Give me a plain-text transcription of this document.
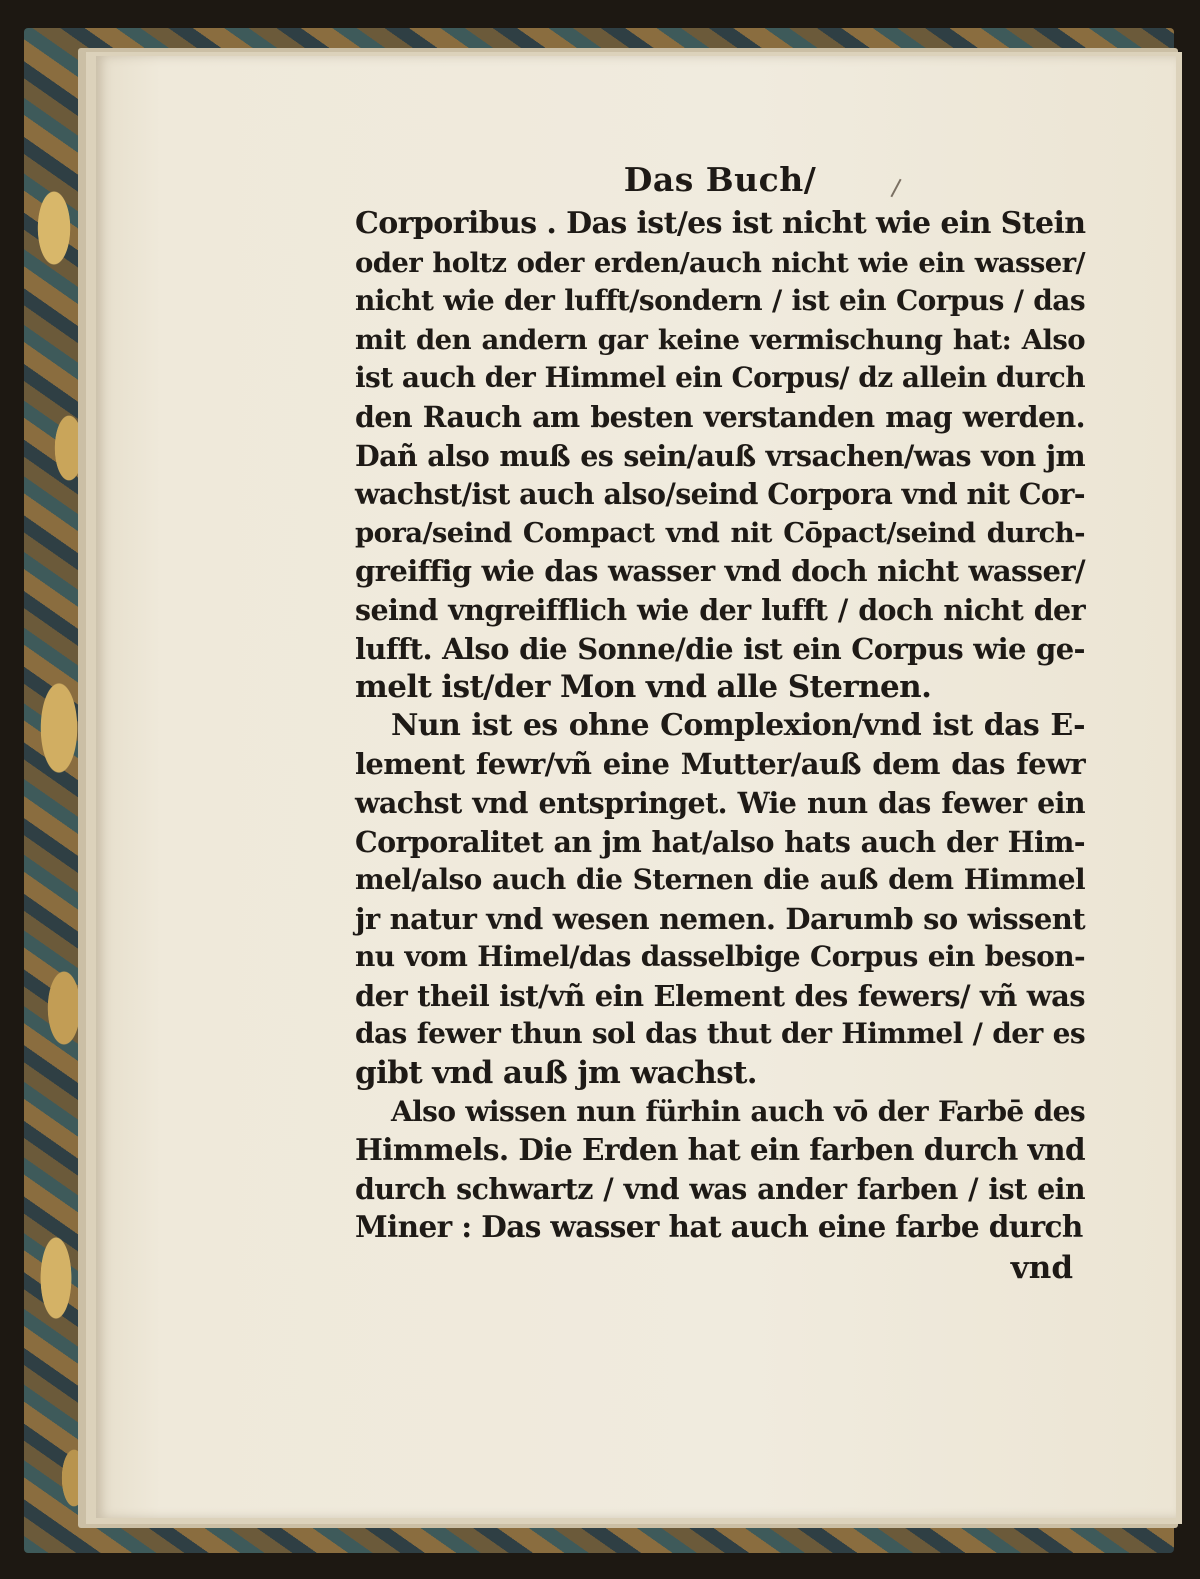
Das Buch/
Corporibus . Das ist/es ist nicht wie ein Stein
oder holtz oder erden/auch nicht wie ein wasser/
nicht wie der lufft/sondern / ist ein Corpus / das
mit den andern gar keine vermischung hat: Also
ist auch der Himmel ein Corpus/ dz allein durch
den Rauch am besten verstanden mag werden.
Dañ also muß es sein/auß vrsachen/was von jm
wachst/ist auch also/seind Corpora vnd nit Cor-
pora/seind Compact vnd nit Cōpact/seind durch-
greiffig wie das wasser vnd doch nicht wasser/
seind vngreifflich wie der lufft / doch nicht der
lufft. Also die Sonne/die ist ein Corpus wie ge-
melt ist/der Mon vnd alle Sternen.
Nun ist es ohne Complexion/vnd ist das E-
lement fewr/vñ eine Mutter/auß dem das fewr
wachst vnd entspringet. Wie nun das fewer ein
Corporalitet an jm hat/also hats auch der Him-
mel/also auch die Sternen die auß dem Himmel
jr natur vnd wesen nemen. Darumb so wissent
nu vom Himel/das dasselbige Corpus ein beson-
der theil ist/vñ ein Element des fewers/ vñ was
das fewer thun sol das thut der Himmel / der es
gibt vnd auß jm wachst.
Also wissen nun fürhin auch vō der Farbē des
Himmels. Die Erden hat ein farben durch vnd
durch schwartz / vnd was ander farben / ist ein
Miner : Das wasser hat auch eine farbe durch
vnd
